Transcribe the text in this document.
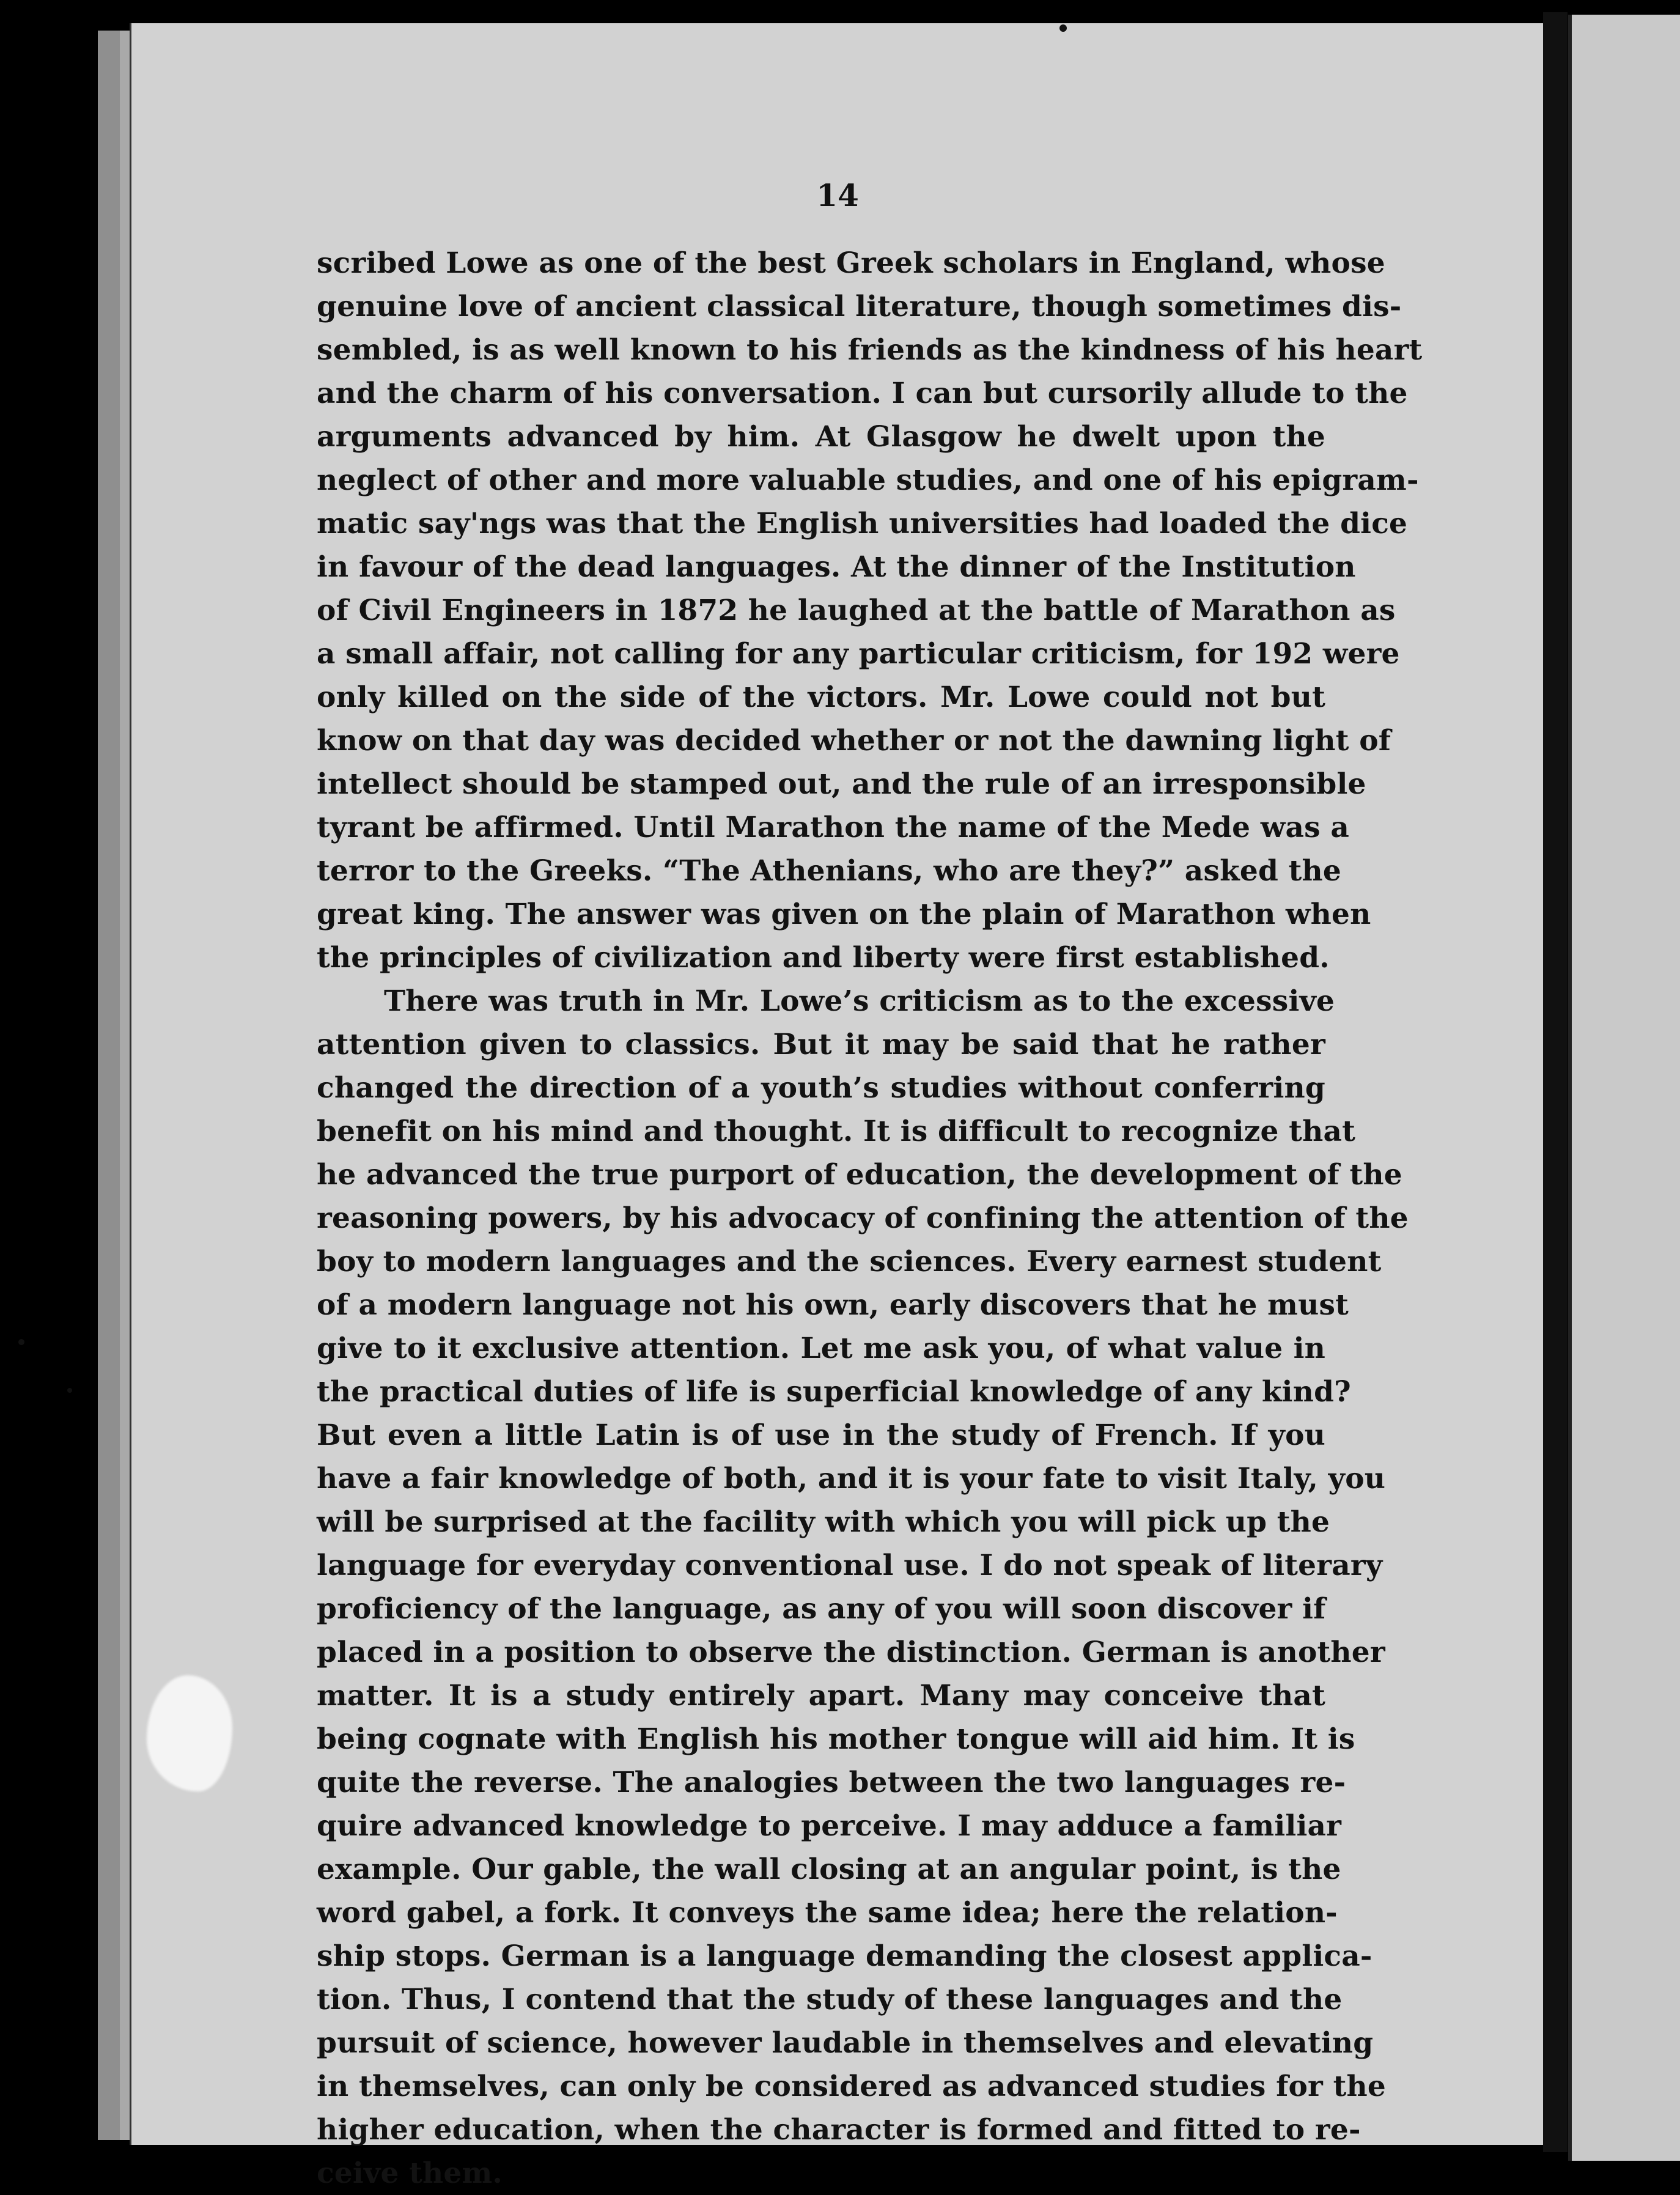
14
scribed Lowe as one of the best Greek scholars in England, whose
genuine love of ancient classical literature, though sometimes dis-
sembled, is as well known to his friends as the kindness of his heart
and the charm of his conversation. I can but cursorily allude to the
arguments advanced by him. At Glasgow he dwelt upon the
neglect of other and more valuable studies, and one of his epigram-
matic say'ngs was that the English universities had loaded the dice
in favour of the dead languages. At the dinner of the Institution
of Civil Engineers in 1872 he laughed at the battle of Marathon as
a small affair, not calling for any particular criticism, for 192 were
only killed on the side of the victors. Mr. Lowe could not but
know on that day was decided whether or not the dawning light of
intellect should be stamped out, and the rule of an irresponsible
tyrant be affirmed. Until Marathon the name of the Mede was a
terror to the Greeks. “The Athenians, who are they?” asked the
great king. The answer was given on the plain of Marathon when
the principles of civilization and liberty were first established.
There was truth in Mr. Lowe’s criticism as to the excessive
attention given to classics. But it may be said that he rather
changed the direction of a youth’s studies without conferring
benefit on his mind and thought. It is difficult to recognize that
he advanced the true purport of education, the development of the
reasoning powers, by his advocacy of confining the attention of the
boy to modern languages and the sciences. Every earnest student
of a modern language not his own, early discovers that he must
give to it exclusive attention. Let me ask you, of what value in
the practical duties of life is superficial knowledge of any kind?
But even a little Latin is of use in the study of French. If you
have a fair knowledge of both, and it is your fate to visit Italy, you
will be surprised at the facility with which you will pick up the
language for everyday conventional use. I do not speak of literary
proficiency of the language, as any of you will soon discover if
placed in a position to observe the distinction. German is another
matter. It is a study entirely apart. Many may conceive that
being cognate with English his mother tongue will aid him. It is
quite the reverse. The analogies between the two languages re-
quire advanced knowledge to perceive. I may adduce a familiar
example. Our gable, the wall closing at an angular point, is the
word gabel, a fork. It conveys the same idea; here the relation-
ship stops. German is a language demanding the closest applica-
tion. Thus, I contend that the study of these languages and the
pursuit of science, however laudable in themselves and elevating
in themselves, can only be considered as advanced studies for the
higher education, when the character is formed and fitted to re-
ceive them.
